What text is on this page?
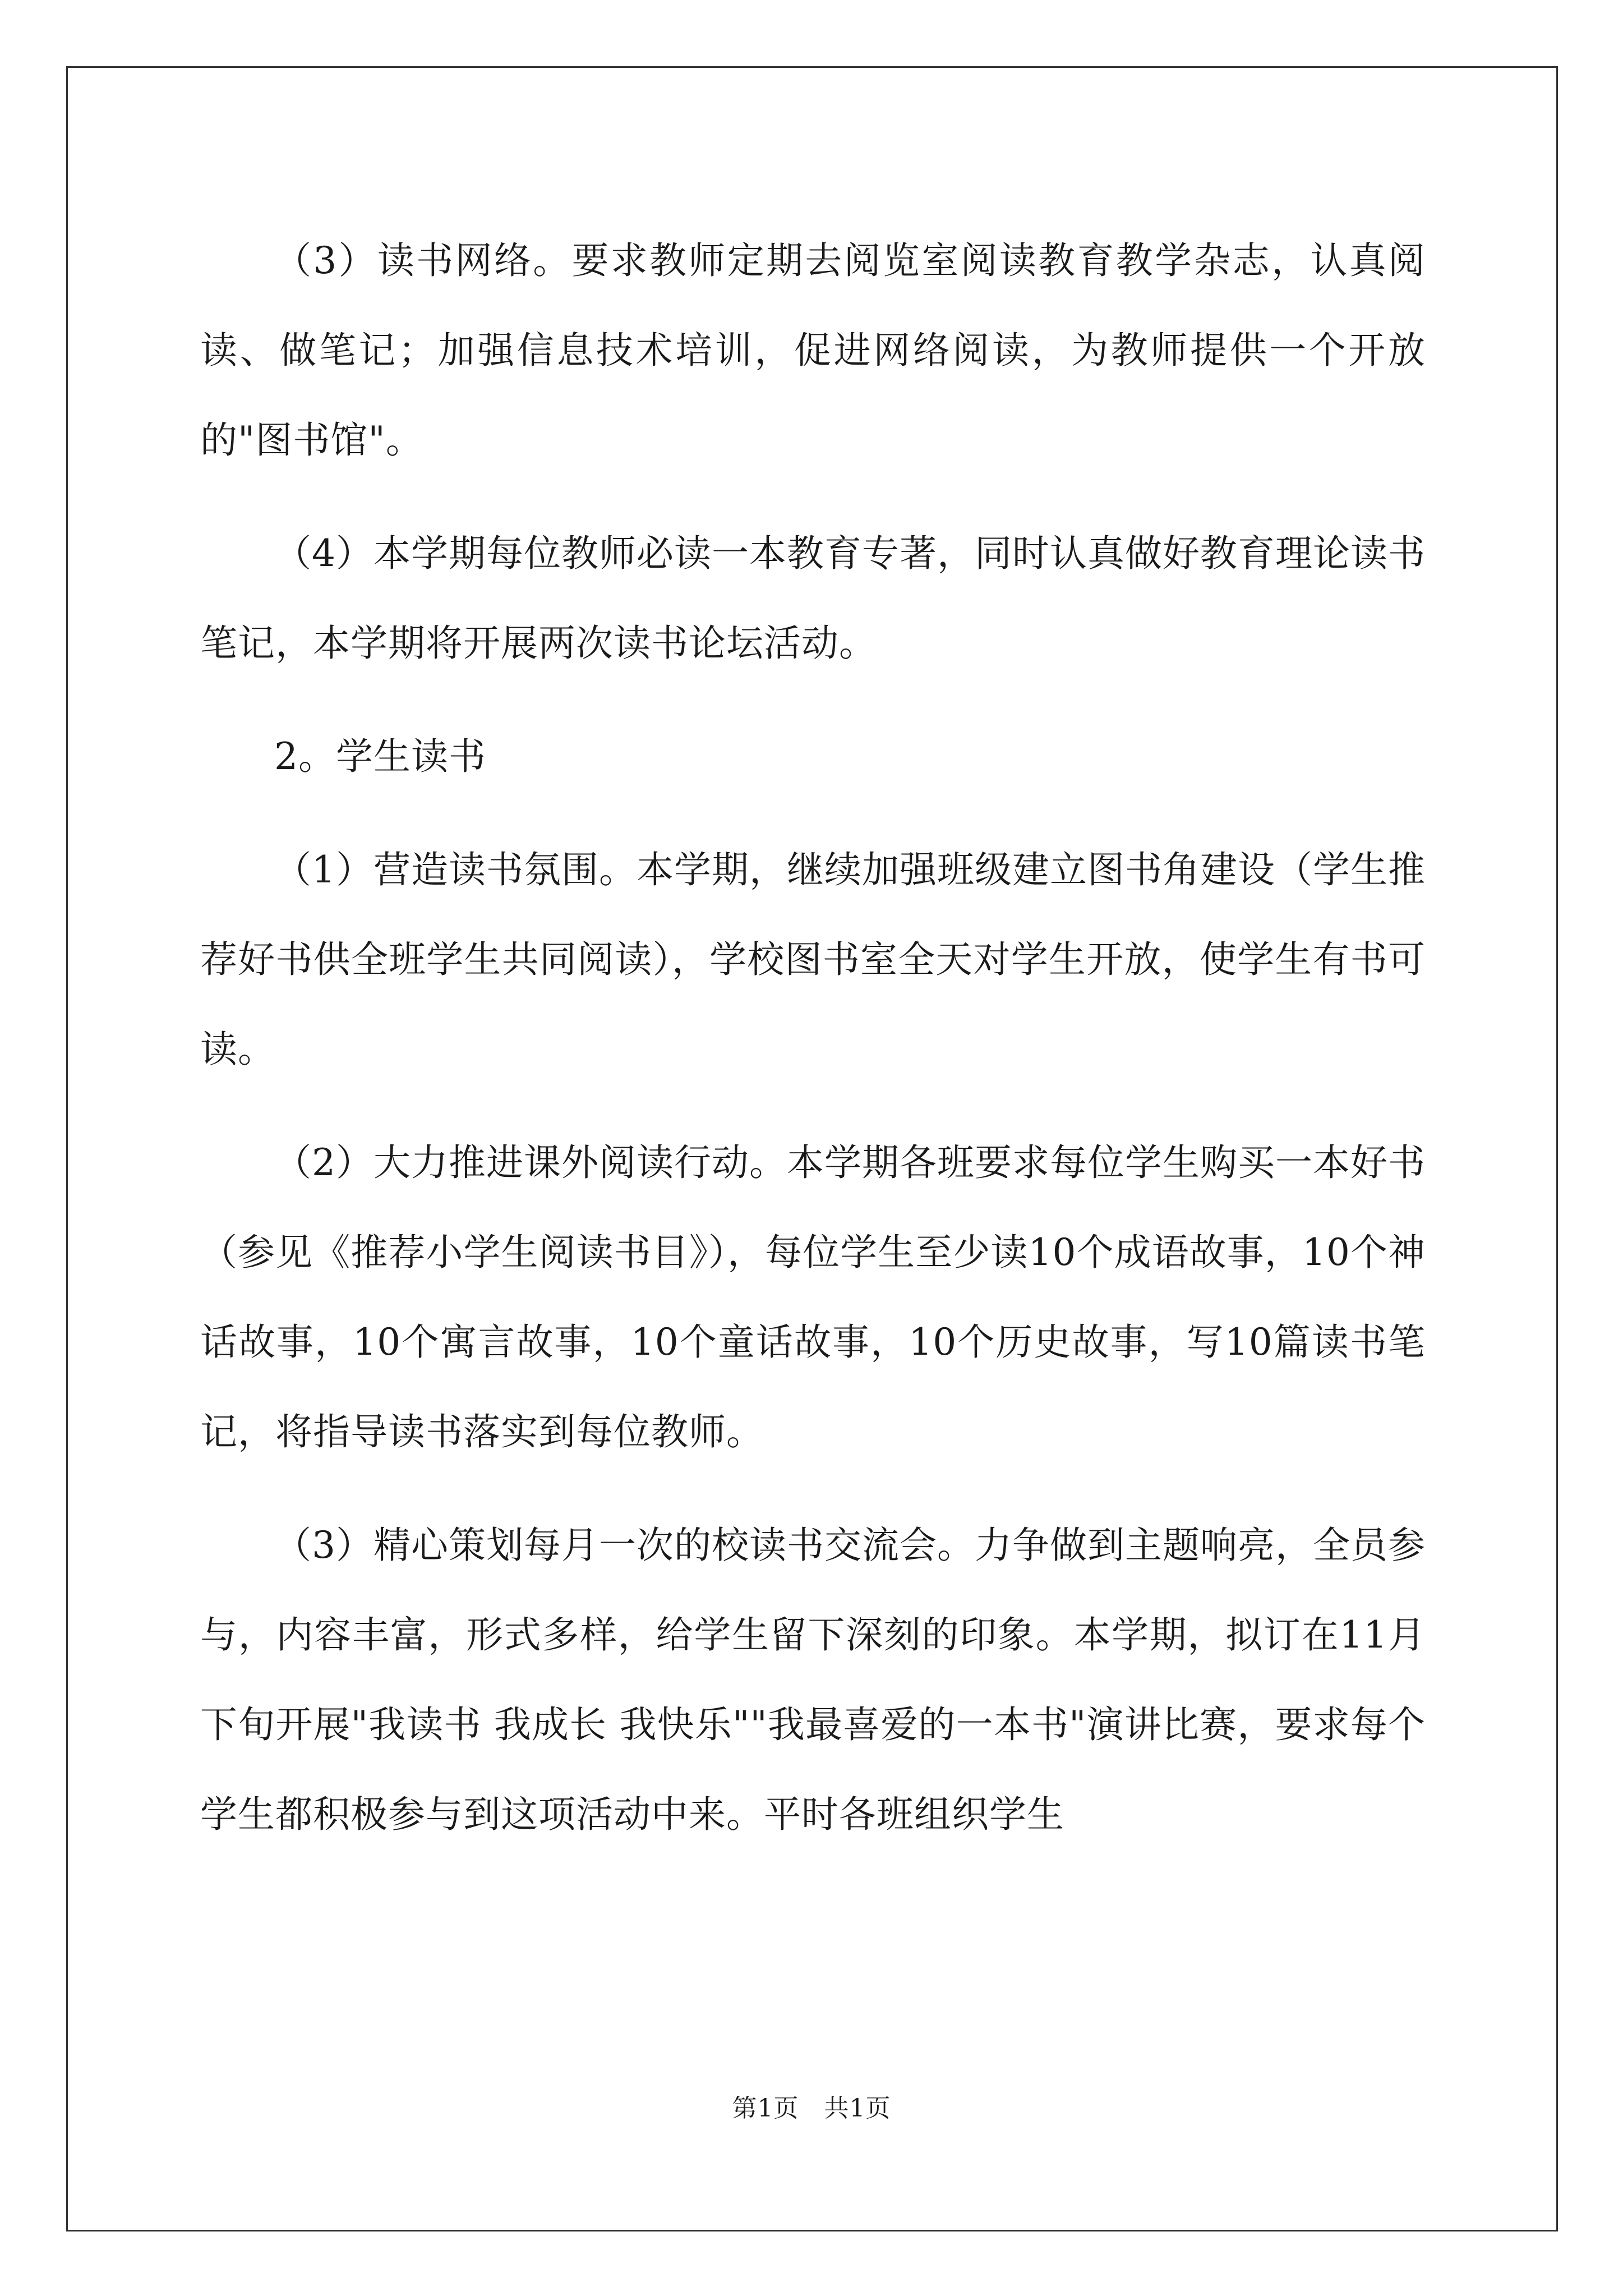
（3）读书网络。要求教师定期去阅览室阅读教育教学杂志，认真阅读、做笔记；加强信息技术培训，促进网络阅读，为教师提供一个开放的"图书馆"。

（4）本学期每位教师必读一本教育专著，同时认真做好教育理论读书笔记，本学期将开展两次读书论坛活动。

2。学生读书

（1）营造读书氛围。本学期，继续加强班级建立图书角建设（学生推荐好书供全班学生共同阅读），学校图书室全天对学生开放，使学生有书可读。

（2）大力推进课外阅读行动。本学期各班要求每位学生购买一本好书（参见《推荐小学生阅读书目》），每位学生至少读10个成语故事，10个神话故事，10个寓言故事，10个童话故事，10个历史故事，写10篇读书笔记，将指导读书落实到每位教师。

（3）精心策划每月一次的校读书交流会。力争做到主题响亮，全员参与，内容丰富，形式多样，给学生留下深刻的印象。本学期，拟订在11月下旬开展"我读书 我成长 我快乐""我最喜爱的一本书"演讲比赛，要求每个学生都积极参与到这项活动中来。平时各班组织学生

第1页　共1页
